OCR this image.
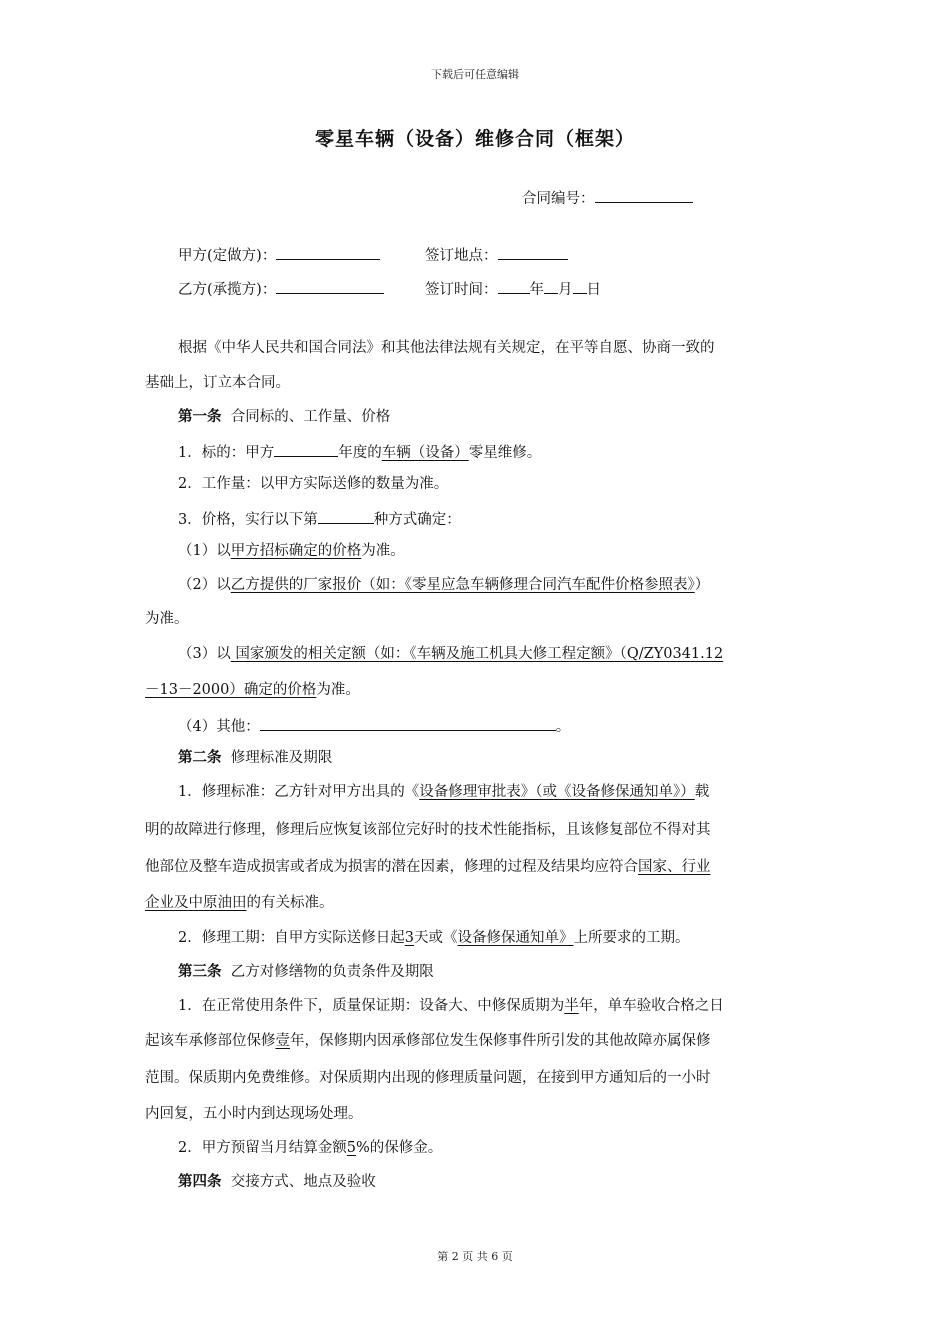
下载后可任意编辑
零星车辆（设备）维修合同（框架）
合同编号：
甲方(定做方)：	签订地点：
乙方(承揽方)：	签订时间： 年 月 日
根据《中华人民共和国合同法》和其他法律法规有关规定，在平等自愿、协商一致的
基础上，订立本合同。
第一条 合同标的、工作量、价格
1．标的：甲方	年度的车辆（设备）零星维修。
2．工作量：以甲方实际送修的数量为准。
3．价格，实行以下第	种方式确定：
（1）以甲方招标确定的价格为准。
（2）以乙方提供的厂家报价（如：《零星应急车辆修理合同汽车配件价格参照表》）
为准。
（3）以 国家颁发的相关定额（如：《车辆及施工机具大修工程定额》（Q/ZY0341.12
－13－2000）确定的价格为准。
（4）其他：	。
第二条 修理标准及期限
1．修理标准：乙方针对甲方出具的《设备修理审批表》（或《设备修保通知单》）载
明的故障进行修理，修理后应恢复该部位完好时的技术性能指标，且该修复部位不得对其
他部位及整车造成损害或者成为损害的潜在因素，修理的过程及结果均应符合国家、行业
企业及中原油田的有关标准。
2．修理工期：自甲方实际送修日起3天或《设备修保通知单》上所要求的工期。
第三条 乙方对修缮物的负责条件及期限
1．在正常使用条件下，质量保证期：设备大、中修保质期为半年，单车验收合格之日
起该车承修部位保修壹年，保修期内因承修部位发生保修事件所引发的其他故障亦属保修
范围。保质期内免费维修。对保质期内出现的修理质量问题，在接到甲方通知后的一小时
内回复，五小时内到达现场处理。
2．甲方预留当月结算金额5%的保修金。
第四条 交接方式、地点及验收
第 2 页 共 6 页
